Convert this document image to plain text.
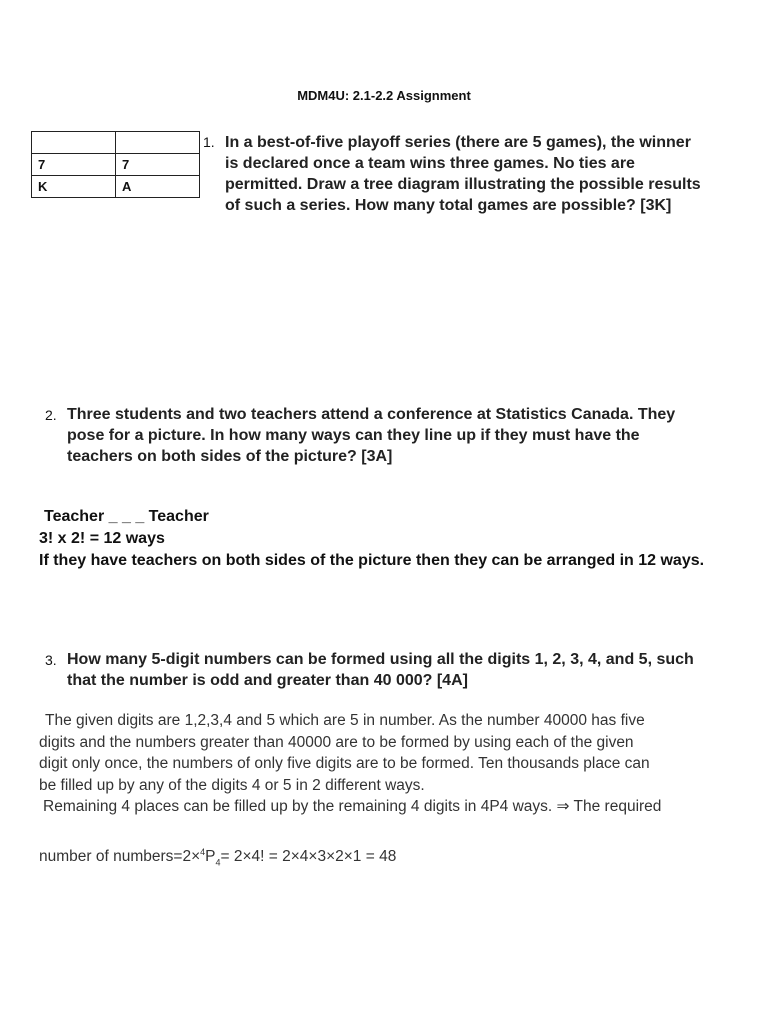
MDM4U: 2.1-2.2 Assignment

7	7
K	A
1. In a best-of-five playoff series (there are 5 games), the winner
is declared once a team wins three games. No ties are
permitted. Draw a tree diagram illustrating the possible results
of such a series. How many total games are possible? [3K]
2. Three students and two teachers attend a conference at Statistics Canada. They
pose for a picture. In how many ways can they line up if they must have the
teachers on both sides of the picture? [3A]
Teacher _ _ _ Teacher
3! x 2! = 12 ways
If they have teachers on both sides of the picture then they can be arranged in 12 ways.
3. How many 5-digit numbers can be formed using all the digits 1, 2, 3, 4, and 5, such
that the number is odd and greater than 40 000? [4A]
The given digits are 1,2,3,4 and 5 which are 5 in number. As the number 40000 has five
digits and the numbers greater than 40000 are to be formed by using each of the given
digit only once, the numbers of only five digits are to be formed. Ten thousands place can
be filled up by any of the digits 4 or 5 in 2 different ways.
Remaining 4 places can be filled up by the remaining 4 digits in 4P4 ways. ⇒ The required
number of $numbers=2\times^4P_4= 2\times 4$! = 2×4×3×2×1 = 48
